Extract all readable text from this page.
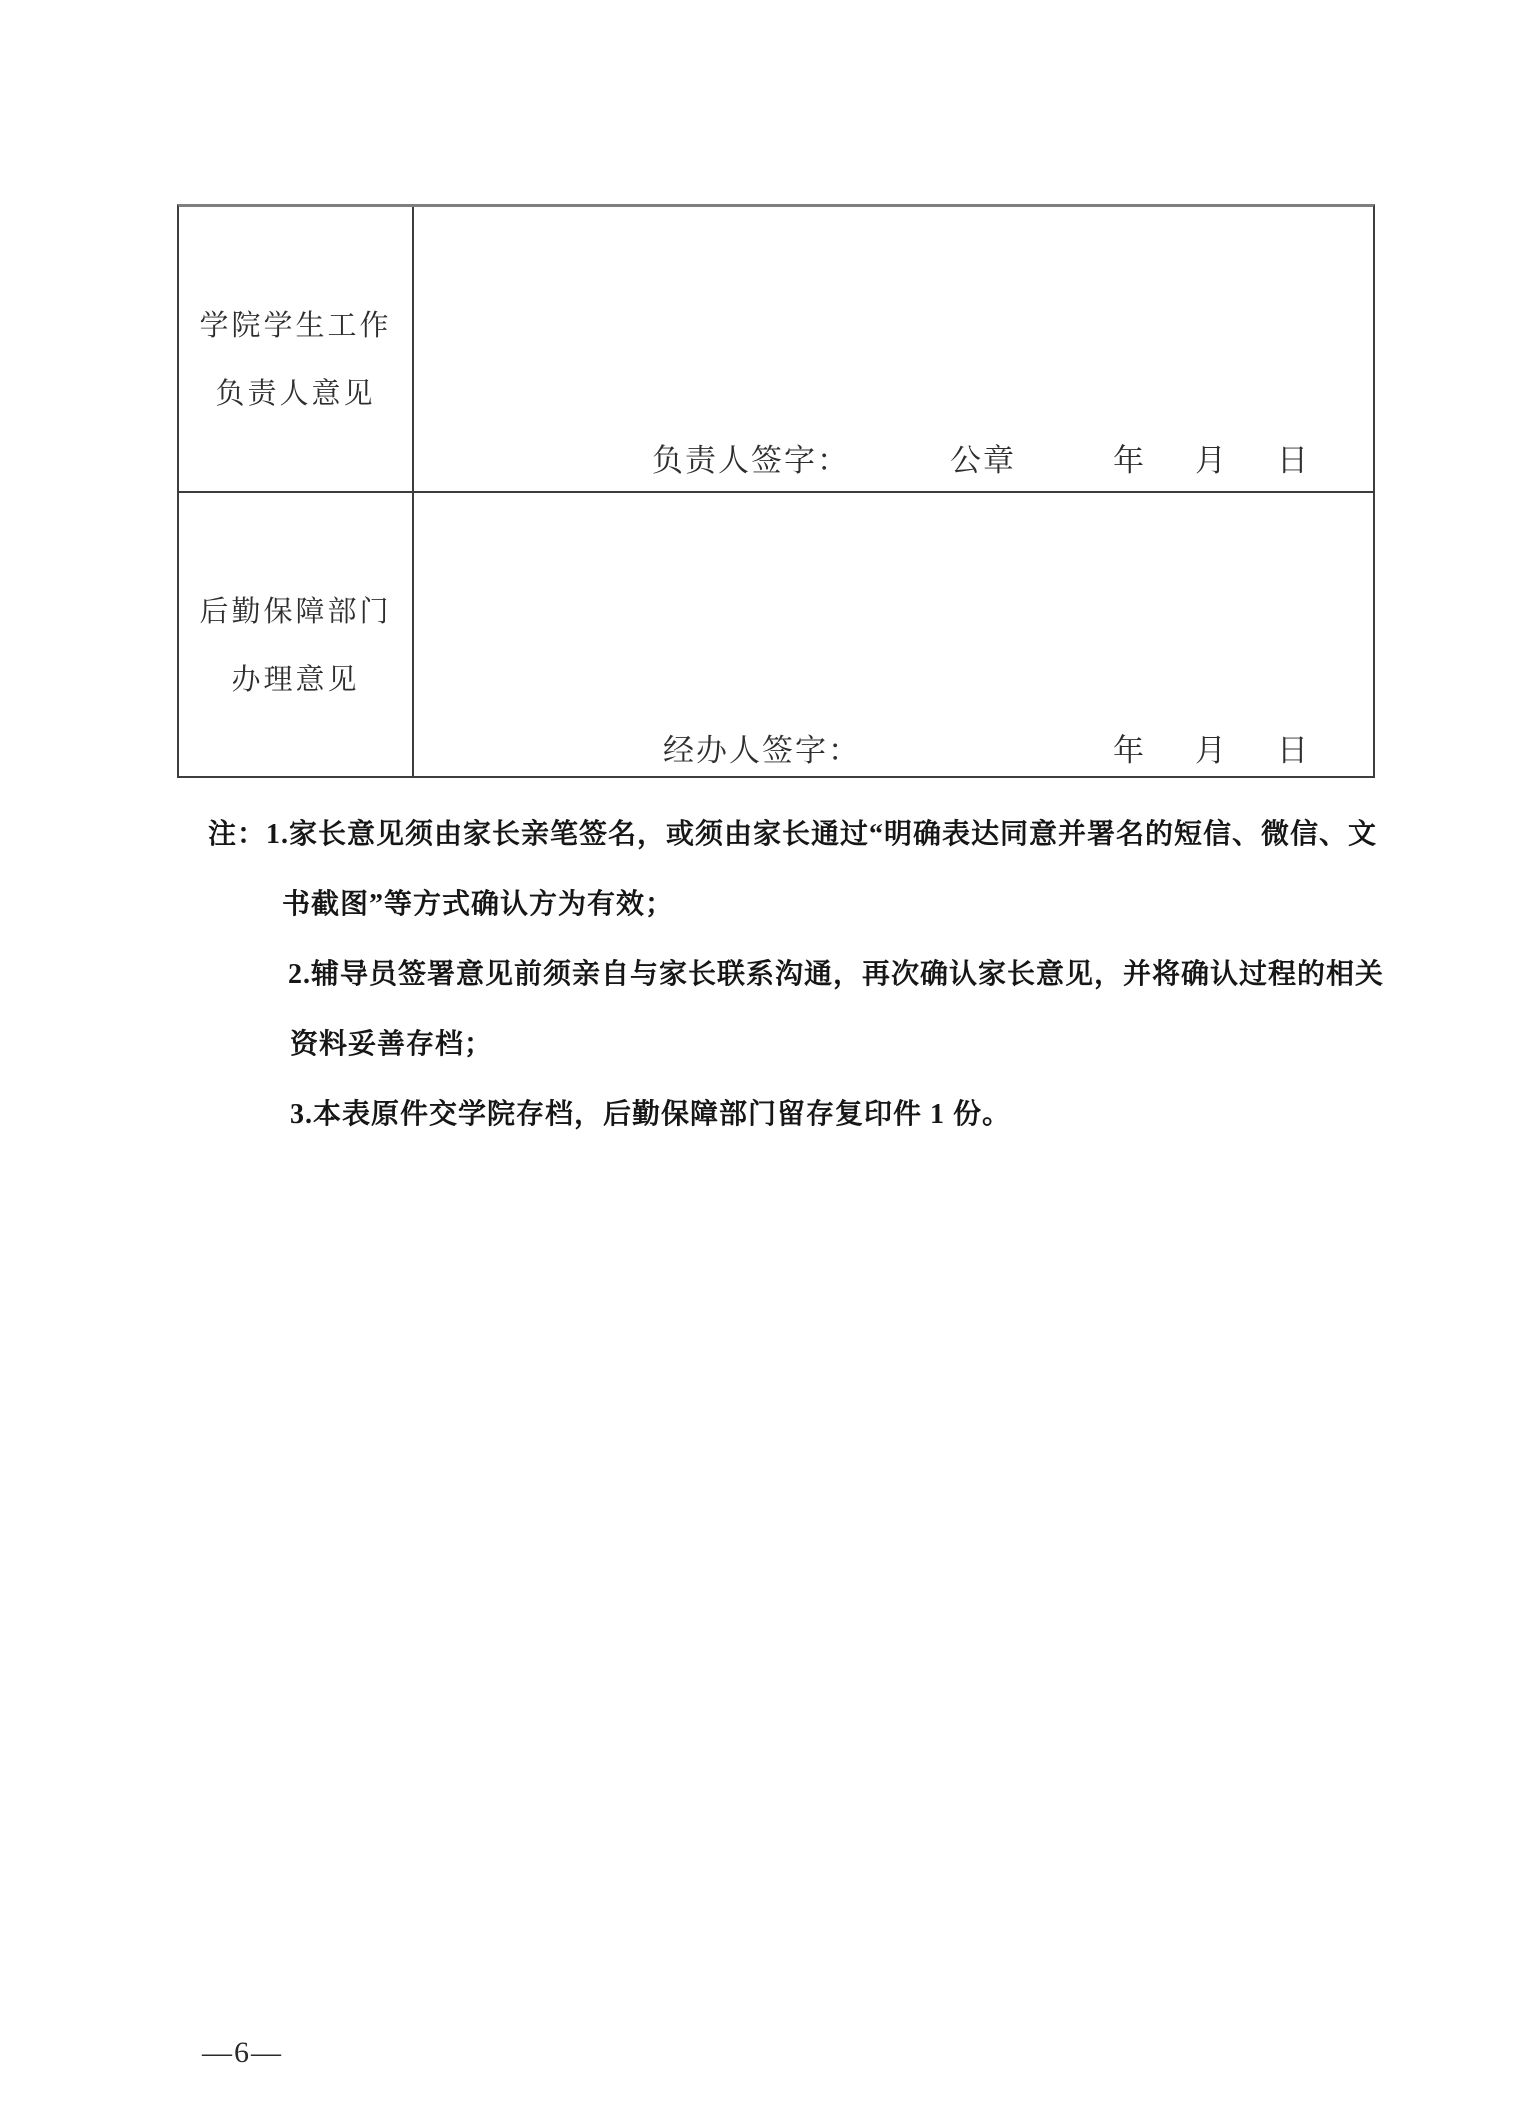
学院学生工作
负责人意见
负责人签字：	公章	年 月 日
后勤保障部门
办理意见
经办人签字：	年 月 日
注：1.家长意见须由家长亲笔签名，或须由家长通过“明确表达同意并署名的短信、微信、文
书截图”等方式确认方为有效；
2.辅导员签署意见前须亲自与家长联系沟通，再次确认家长意见，并将确认过程的相关
资料妥善存档；
3.本表原件交学院存档，后勤保障部门留存复印件 1 份。
—6—
